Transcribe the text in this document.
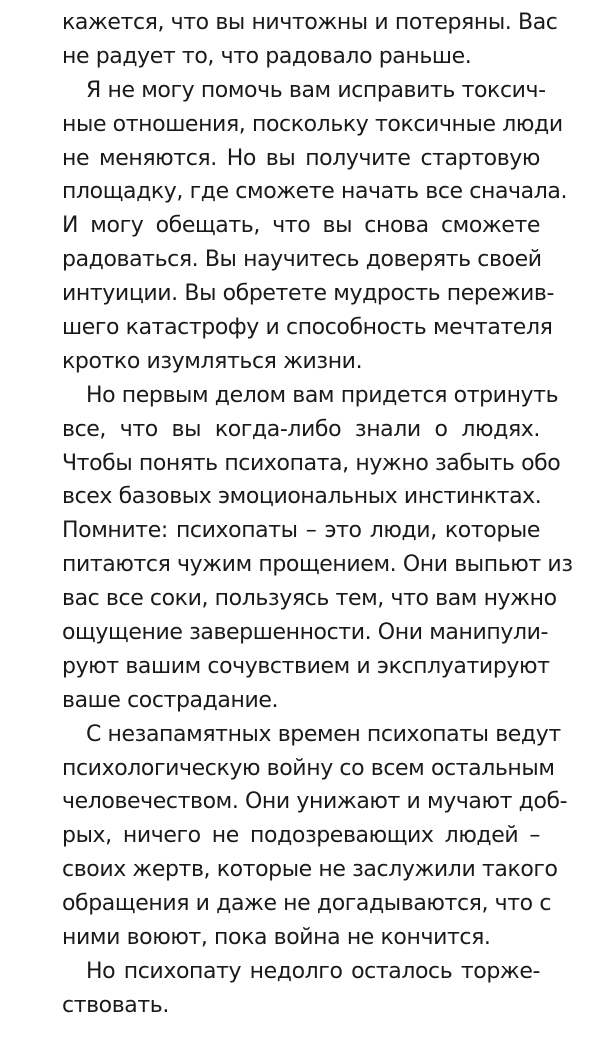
кажется, что вы ничтожны и потеряны. Вас
не радует то, что радовало раньше.
Я не могу помочь вам исправить токсич-
ные отношения, поскольку токсичные люди
не меняются. Но вы получите стартовую
площадку, где сможете начать все сначала.
И могу обещать, что вы снова сможете
радоваться. Вы научитесь доверять своей
интуиции. Вы обретете мудрость пережив-
шего катастрофу и способность мечтателя
кротко изумляться жизни.
Но первым делом вам придется отринуть
все, что вы когда-либо знали о людях.
Чтобы понять психопата, нужно забыть обо
всех базовых эмоциональных инстинктах.
Помните: психопаты – это люди, которые
питаются чужим прощением. Они выпьют из
вас все соки, пользуясь тем, что вам нужно
ощущение завершенности. Они манипули-
руют вашим сочувствием и эксплуатируют
ваше сострадание.
С незапамятных времен психопаты ведут
психологическую войну со всем остальным
человечеством. Они унижают и мучают доб-
рых, ничего не подозревающих людей –
своих жертв, которые не заслужили такого
обращения и даже не догадываются, что с
ними воюют, пока война не кончится.
Но психопату недолго осталось торже-
ствовать.
